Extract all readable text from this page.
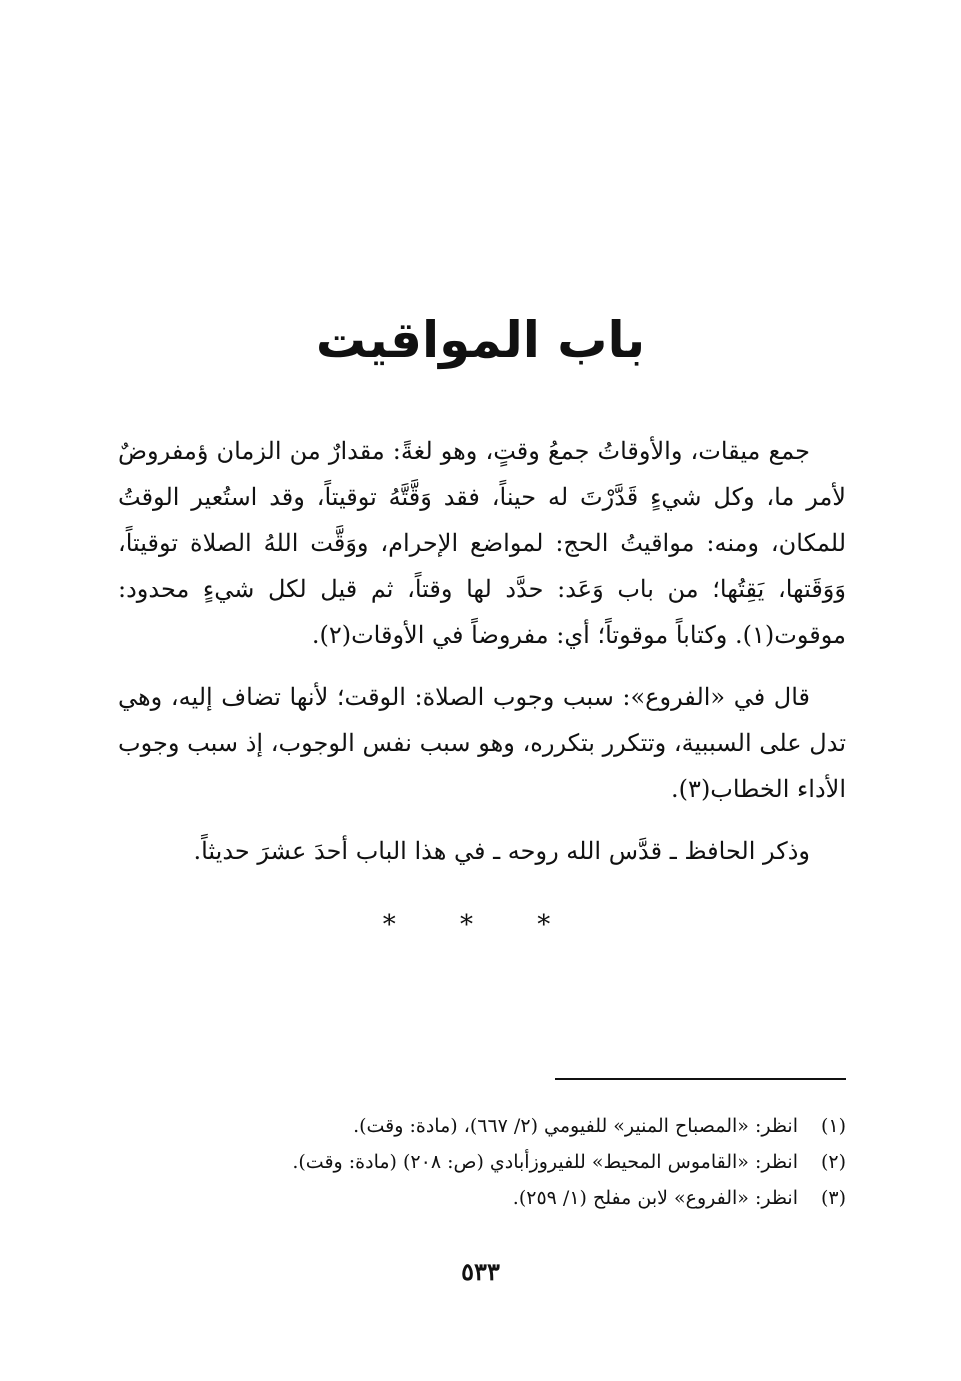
باب المواقيت

جمع ميقات، والأوقاتُ جمعُ وقتٍ، وهو لغةً: مقدارٌ من الزمان ؤمفروضٌ لأمر ما، وكل شيءٍ قَدَّرْتَ له حيناً، فقد وَقَّتَّهُ توقيتاً، وقد استُعير الوقتُ للمكان، ومنه: مواقيتُ الحج: لمواضع الإحرام، ووَقَّت اللهُ الصلاة توقيتاً، وَوَقَتها، يَقِتُها؛ من باب وَعَد: حدَّد لها وقتاً، ثم قيل لكل شيءٍ محدود: موقوت(١). وكتاباً موقوتاً؛ أي: مفروضاً في الأوقات(٢).

قال في «الفروع»: سبب وجوب الصلاة: الوقت؛ لأنها تضاف إليه، وهي تدل على السببية، وتتكرر بتكرره، وهو سبب نفس الوجوب، إذ سبب وجوب الأداء الخطاب(٣).

وذكر الحافظ ـ قدَّس الله روحه ـ في هذا الباب أحدَ عشرَ حديثاً.

* * *
(١)
انظر: «المصباح المنير» للفيومي (٢/ ٦٦٧)، (مادة: وقت).
(٢)
انظر: «القاموس المحيط» للفيروزأبادي (ص: ٢٠٨) (مادة: وقت).
(٣)
انظر: «الفروع» لابن مفلح (١/ ٢٥٩).
٥٣٣
